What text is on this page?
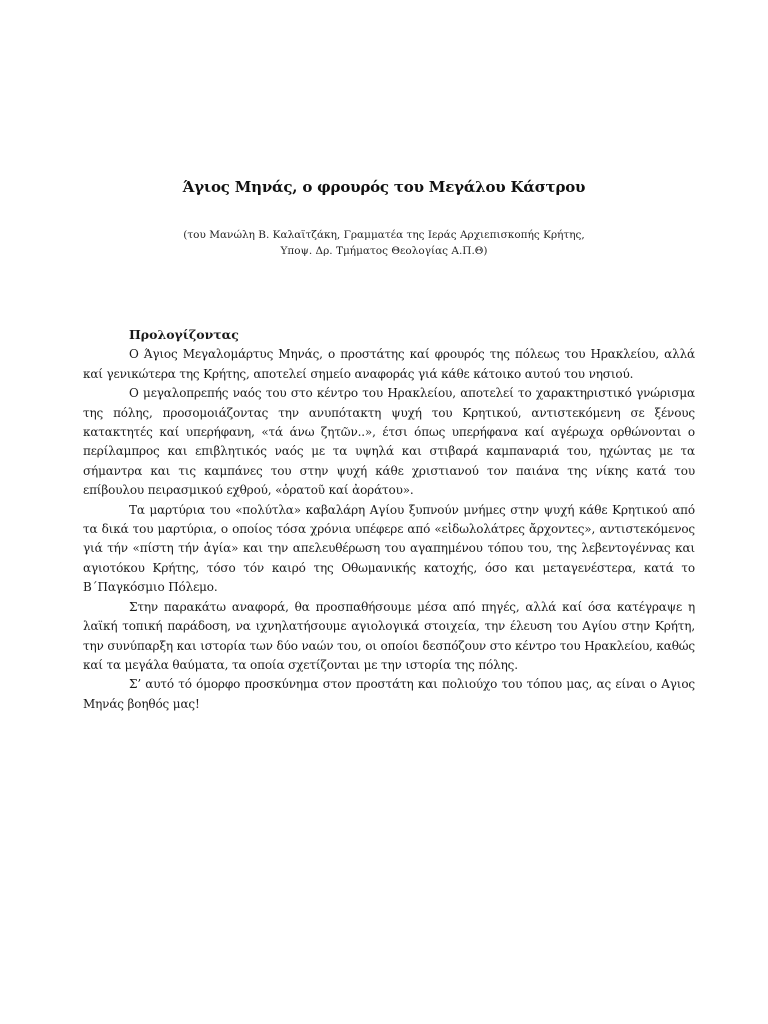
Άγιος Μηνάς, ο φρουρός του Μεγάλου Κάστρου
(του Μανώλη Β. Καλαϊτζάκη, Γραμματέα της Ιεράς Αρχιεπισκοπής Κρήτης,
Υποψ. Δρ. Τμήματος Θεολογίας Α.Π.Θ)
Προλογίζοντας

Ο Άγιος Μεγαλομάρτυς Μηνάς, ο προστάτης καί φρουρός της πόλεως του Ηρακλείου, αλλά καί γενικώτερα της Κρήτης, αποτελεί σημείο αναφοράς γιά κάθε κάτοικο αυτού του νησιού.

Ο μεγαλοπρεπής ναός του στο κέντρο του Ηρακλείου, αποτελεί το χαρακτηριστικό γνώρισμα της πόλης, προσομοιάζοντας την ανυπότακτη ψυχή του Κρητικού, αντιστεκόμενη σε ξένους κατακτητές καί υπερήφανη, «τά άνω ζητῶν..», έτσι όπως υπερήφανα καί αγέρωχα ορθώνονται ο περίλαμπρος και επιβλητικός ναός με τα υψηλά και στιβαρά καμπαναριά του, ηχώντας με τα σήμαντρα και τις καμπάνες του στην ψυχή κάθε χριστιανού τον παιάνα της νίκης κατά του επίβουλου πειρασμικού εχθρού, «ὁρατοῦ καί ἀοράτου».

Τα μαρτύρια του «πολύτλα» καβαλάρη Αγίου ξυπνούν μνήμες στην ψυχή κάθε Κρητικού από τα δικά του μαρτύρια, ο οποίος τόσα χρόνια υπέφερε από «εἰδωλολάτρες ἄρχοντες», αντιστεκόμενος γιά τήν «πίστη τήν ἁγία» και την απελευθέρωση του αγαπημένου τόπου του, της λεβεντογέννας και αγιοτόκου Κρήτης, τόσο τόν καιρό της Οθωμανικής κατοχής, όσο και μεταγενέστερα, κατά το Β΄Παγκόσμιο Πόλεμο.

Στην παρακάτω αναφορά, θα προσπαθήσουμε μέσα από πηγές, αλλά καί όσα κατέγραψε η λαϊκή τοπική παράδοση, να ιχνηλατήσουμε αγιολογικά στοιχεία, την έλευση του Αγίου στην Κρήτη, την συνύπαρξη και ιστορία των δύο ναών του, οι οποίοι δεσπόζουν στο κέντρο του Ηρακλείου, καθώς καί τα μεγάλα θαύματα, τα οποία σχετίζονται με την ιστορία της πόλης.

Σ’ αυτό τό όμορφο προσκύνημα στον προστάτη και πολιούχο του τόπου μας, ας είναι ο Αγιος Μηνάς βοηθός μας!
